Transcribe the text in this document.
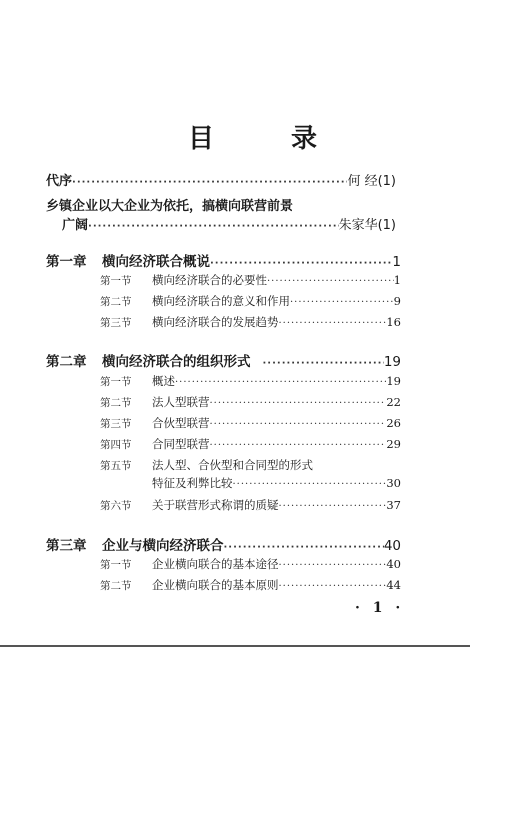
目 录
代序 ·····	何 经(1)
乡镇企业以大企业为依托，搞横向联营前景
广阔 ·····	朱家华(1)
第一章 横向经济联合概说 ·····	1
第一节 横向经济联合的必要性 ·····	1
第二节 横向经济联合的意义和作用 ·····	9
第三节 横向经济联合的发展趋势 ·····	16
第二章 横向经济联合的组织形式 ·····	19
第一节 概述 ·····	19
第二节 法人型联营 ·····	22
第三节 合伙型联营 ·····	26
第四节 合同型联营 ·····	29
第五节 法人型、合伙型和合同型的形式
特征及利弊比较 ·····	30
第六节 关于联营形式称谓的质疑 ·····	37
第三章 企业与横向经济联合 ·····	40
第一节 企业横向联合的基本途径 ·····	40
第二节 企业横向联合的基本原则 ·····	44
· 1 ·
